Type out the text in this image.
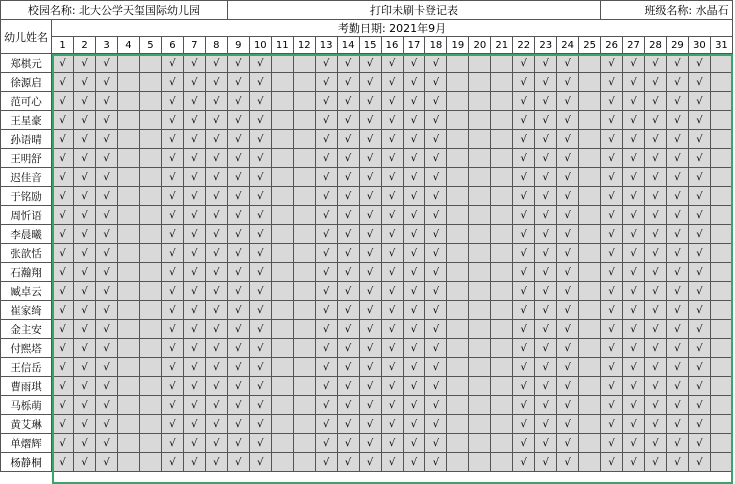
校园名称: 北大公学天玺国际幼儿园									打印未刷卡登记表																	班级名称: 水晶石					
幼儿姓名	考勤日期: 2021年9月																														
	1	2	3	4	5	6	7	8	9	10	11	12	13	14	15	16	17	18	19	20	21	22	23	24	25	26	27	28	29	30	31
郑棋元	√	√	√			√	√	√	√	√			√	√	√	√	√	√				√	√	√		√	√	√	√	√	
徐源启	√	√	√			√	√	√	√	√			√	√	√	√	√	√				√	√	√		√	√	√	√	√	
范可心	√	√	√			√	√	√	√	√			√	√	√	√	√	√				√	√	√		√	√	√	√	√	
王星豪	√	√	√			√	√	√	√	√			√	√	√	√	√	√				√	√	√		√	√	√	√	√	
孙语晴	√	√	√			√	√	√	√	√			√	√	√	√	√	√				√	√	√		√	√	√	√	√	
王明舒	√	√	√			√	√	√	√	√			√	√	√	√	√	√				√	√	√		√	√	√	√	√	
迟佳音	√	√	√			√	√	√	√	√			√	√	√	√	√	√				√	√	√		√	√	√	√	√	
于铭励	√	√	√			√	√	√	√	√			√	√	√	√	√	√				√	√	√		√	√	√	√	√	
周忻语	√	√	√			√	√	√	√	√			√	√	√	√	√	√				√	√	√		√	√	√	√	√	
李晨曦	√	√	√			√	√	√	√	√			√	√	√	√	√	√				√	√	√		√	√	√	√	√	
张歆恬	√	√	√			√	√	√	√	√			√	√	√	√	√	√				√	√	√		√	√	√	√	√	
石瀚翔	√	√	√			√	√	√	√	√			√	√	√	√	√	√				√	√	√		√	√	√	√	√	
臧卓云	√	√	√			√	√	√	√	√			√	√	√	√	√	√				√	√	√		√	√	√	√	√	
崔家绮	√	√	√			√	√	√	√	√			√	√	√	√	√	√				√	√	√		√	√	√	√	√	
金主安	√	√	√			√	√	√	√	√			√	√	√	√	√	√				√	√	√		√	√	√	√	√	
付熙塔	√	√	√			√	√	√	√	√			√	√	√	√	√	√				√	√	√		√	√	√	√	√	
王信岳	√	√	√			√	√	√	√	√			√	√	√	√	√	√				√	√	√		√	√	√	√	√	
曹雨琪	√	√	√			√	√	√	√	√			√	√	√	√	√	√				√	√	√		√	√	√	√	√	
马栎萌	√	√	√			√	√	√	√	√			√	√	√	√	√	√				√	√	√		√	√	√	√	√	
黄艾琳	√	√	√			√	√	√	√	√			√	√	√	√	√	√				√	√	√		√	√	√	√	√	
单熠辉	√	√	√			√	√	√	√	√			√	√	√	√	√	√				√	√	√		√	√	√	√	√	
杨静桐	√	√	√			√	√	√	√	√			√	√	√	√	√	√				√	√	√		√	√	√	√	√	
